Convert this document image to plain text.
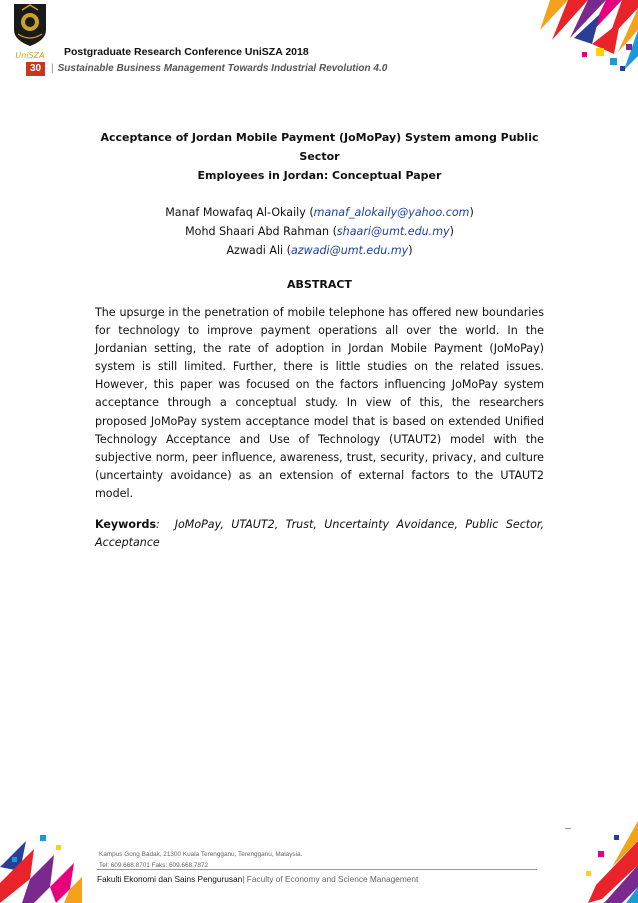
UniSZA Postgraduate Research Conference UniSZA 2018
30 | Sustainable Business Management Towards Industrial Revolution 4.0

Acceptance of Jordan Mobile Payment (JoMoPay) System among Public Sector
Employees in Jordan: Conceptual Paper

Manaf Mowafaq Al-Okaily (manaf_alokaily@yahoo.com)
Mohd Shaari Abd Rahman (shaari@umt.edu.my)
Azwadi Ali (azwadi@umt.edu.my)
ABSTRACT

The upsurge in the penetration of mobile telephone has offered new boundaries for technology to improve payment operations all over the world. In the Jordanian setting, the rate of adoption in Jordan Mobile Payment (JoMoPay) system is still limited. Further, there is little studies on the related issues. However, this paper was focused on the factors influencing JoMoPay system acceptance through a conceptual study. In view of this, the researchers proposed JoMoPay system acceptance model that is based on extended Unified Technology Acceptance and Use of Technology (UTAUT2) model with the subjective norm, peer influence, awareness, trust, security, privacy, and culture (uncertainty avoidance) as an extension of external factors to the UTAUT2 model.

Keywords: JoMoPay, UTAUT2, Trust, Uncertainty Avoidance, Public Sector, Acceptance
Kampus Gong Badak, 21300 Kuala Terengganu, Terengganu, Malaysia.
Tel: 609.668.8701 Faks: 609.668.7872
Fakulti Ekonomi dan Sains Pengurusan| Faculty of Economy and Science Management
